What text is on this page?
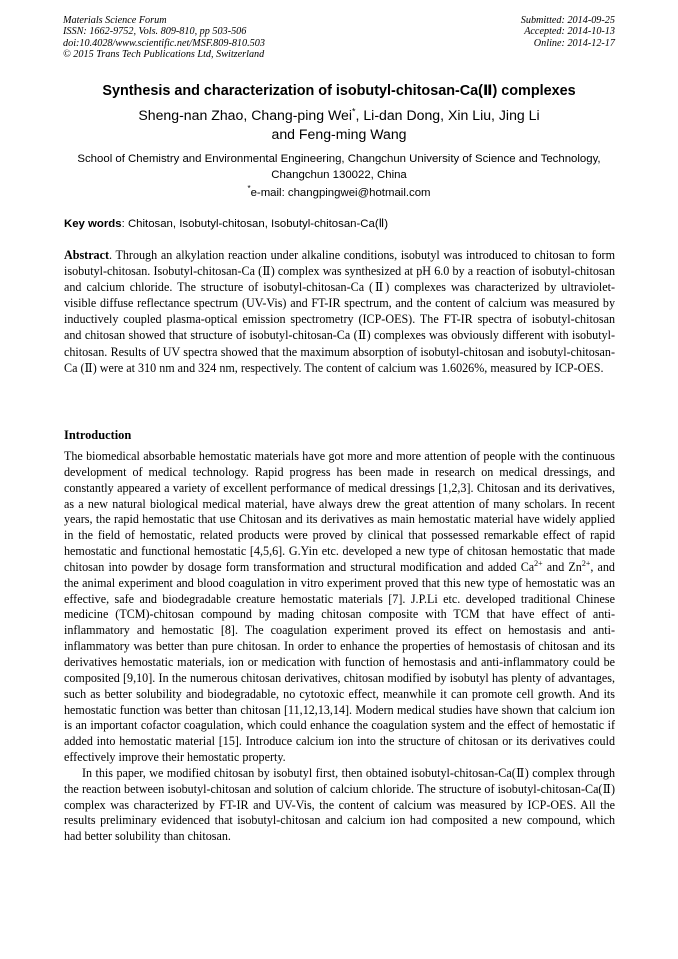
Materials Science Forum
ISSN: 1662-9752, Vols. 809-810, pp 503-506
doi:10.4028/www.scientific.net/MSF.809-810.503
© 2015 Trans Tech Publications Ltd, Switzerland
Submitted: 2014-09-25
Accepted: 2014-10-13
Online: 2014-12-17
Synthesis and characterization of isobutyl-chitosan-Ca(Ⅱ) complexes
Sheng-nan Zhao, Chang-ping Wei*, Li-dan Dong, Xin Liu, Jing Li
and Feng-ming Wang
School of Chemistry and Environmental Engineering, Changchun University of Science and Technology, Changchun 130022, China
*e-mail: changpingwei@hotmail.com
Key words: Chitosan, Isobutyl-chitosan, Isobutyl-chitosan-Ca(Ⅱ)
Abstract. Through an alkylation reaction under alkaline conditions, isobutyl was introduced to chitosan to form isobutyl-chitosan. Isobutyl-chitosan-Ca (Ⅱ) complex was synthesized at pH 6.0 by a reaction of isobutyl-chitosan and calcium chloride. The structure of isobutyl-chitosan-Ca (Ⅱ) complexes was characterized by ultraviolet-visible diffuse reflectance spectrum (UV-Vis) and FT-IR spectrum, and the content of calcium was measured by inductively coupled plasma-optical emission spectrometry (ICP-OES). The FT-IR spectra of isobutyl-chitosan and chitosan showed that structure of isobutyl-chitosan-Ca (Ⅱ) complexes was obviously different with isobutyl-chitosan. Results of UV spectra showed that the maximum absorption of isobutyl-chitosan and isobutyl-chitosan-Ca (Ⅱ) were at 310 nm and 324 nm, respectively. The content of calcium was 1.6026%, measured by ICP-OES.
Introduction

The biomedical absorbable hemostatic materials have got more and more attention of people with the continuous development of medical technology. Rapid progress has been made in research on medical dressings, and constantly appeared a variety of excellent performance of medical dressings [1,2,3]. Chitosan and its derivatives, as a new natural biological medical material, have always drew the great attention of many scholars. In recent years, the rapid hemostatic that use Chitosan and its derivatives as main hemostatic material have widely applied in the field of hemostatic, related products were proved by clinical that possessed remarkable effect of rapid hemostatic and functional hemostatic [4,5,6]. G.Yin etc. developed a new type of chitosan hemostatic that made chitosan into powder by dosage form transformation and structural modification and added $Ca^{2+}$ and $Zn^{2+}$, and the animal experiment and blood coagulation in vitro experiment proved that this new type of hemostatic was an effective, safe and biodegradable creature hemostatic materials [7]. J.P.Li etc. developed traditional Chinese medicine (TCM)-chitosan compound by mading chitosan composite with TCM that have effect of anti-inflammatory and hemostatic [8]. The coagulation experiment proved its effect on hemostasis and anti-inflammatory was better than pure chitosan. In order to enhance the properties of hemostasis of chitosan and its derivatives hemostatic materials, ion or medication with function of hemostasis and anti-inflammatory could be composited [9,10]. In the numerous chitosan derivatives, chitosan modified by isobutyl has plenty of advantages, such as better solubility and biodegradable, no cytotoxic effect, meanwhile it can promote cell growth. And its hemostatic function was better than chitosan [11,12,13,14]. Modern medical studies have shown that calcium ion is an important cofactor coagulation, which could enhance the coagulation system and the effect of hemostatic if added into hemostatic material [15]. Introduce calcium ion into the structure of chitosan or its derivatives could effectively improve their hemostatic property.

In this paper, we modified chitosan by isobutyl first, then obtained isobutyl-chitosan-Ca(Ⅱ) complex through the reaction between isobutyl-chitosan and solution of calcium chloride. The structure of isobutyl-chitosan-Ca(Ⅱ) complex was characterized by FT-IR and UV-Vis, the content of calcium was measured by ICP-OES. All the results preliminary evidenced that isobutyl-chitosan and calcium ion had composited a new compound, which had better solubility than chitosan.
